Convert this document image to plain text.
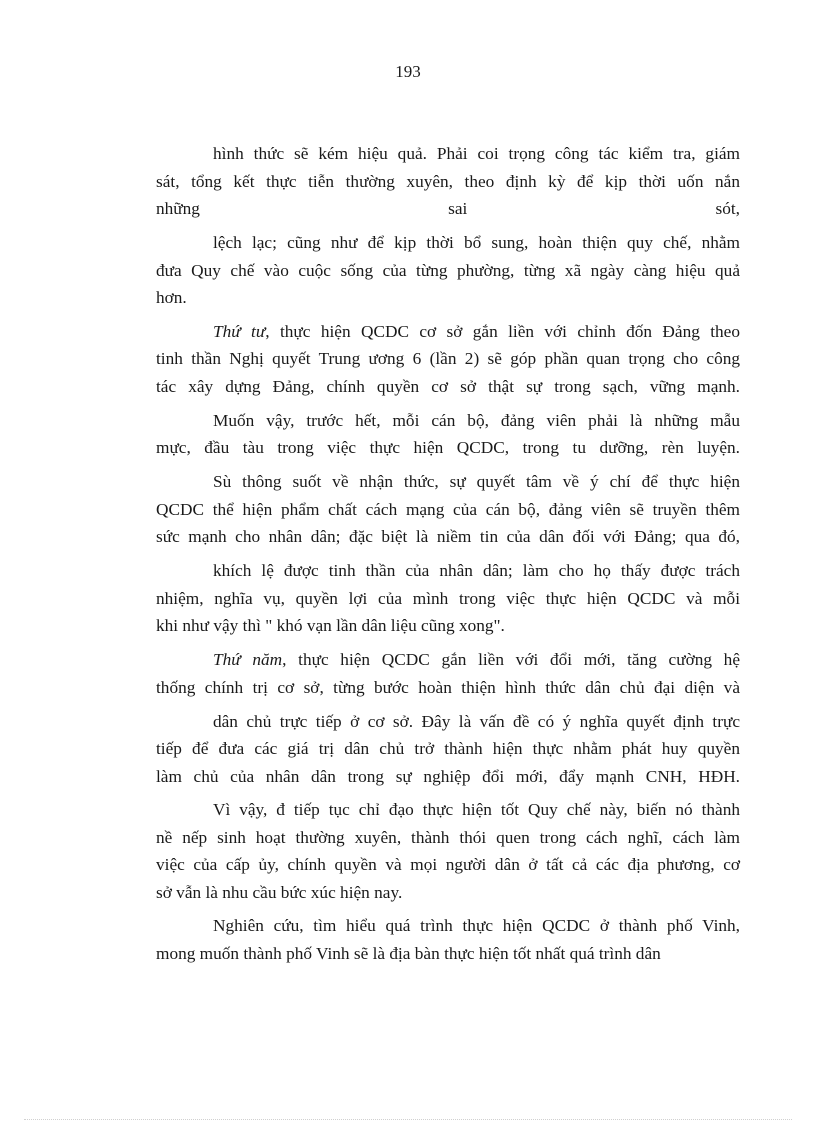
193
hình thức sẽ kém hiệu quả. Phải coi trọng công tác kiểm tra, giám
sát, tổng kết thực tiễn thường xuyên, theo định kỳ để kịp thời uốn nắn
những sai sót,
lệch lạc; cũng như để kịp thời bổ sung, hoàn thiện quy chế, nhằm
đưa Quy chế vào cuộc sống của từng phường, từng xã ngày càng hiệu quả
hơn.
Thứ tư, thực hiện QCDC cơ sở gắn liền với chỉnh đốn Đảng theo
tinh thần Nghị quyết Trung ương 6 (lần 2) sẽ góp phần quan trọng cho công
tác xây dựng Đảng, chính quyền cơ sở thật sự trong sạch, vững mạnh.
Muốn vậy, trước hết, mỗi cán bộ, đảng viên phải là những mẫu
mực, đầu tàu trong việc thực hiện QCDC, trong tu dưỡng, rèn luyện.
Sù thông suốt về nhận thức, sự quyết tâm về ý chí để thực hiện
QCDC thể hiện phẩm chất cách mạng của cán bộ, đảng viên sẽ truyền thêm
sức mạnh cho nhân dân; đặc biệt là niềm tin của dân đối với Đảng; qua đó,
khích lệ được tinh thần của nhân dân; làm cho họ thấy được trách
nhiệm, nghĩa vụ, quyền lợi của mình trong việc thực hiện QCDC và mỗi
khi như vậy thì " khó vạn lần dân liệu cũng xong".
Thứ năm, thực hiện QCDC gắn liền với đổi mới, tăng cường hệ
thống chính trị cơ sở, từng bước hoàn thiện hình thức dân chủ đại diện và
dân chủ trực tiếp ở cơ sở. Đây là vấn đề có ý nghĩa quyết định trực
tiếp để đưa các giá trị dân chủ trở thành hiện thực nhằm phát huy quyền
làm chủ của nhân dân trong sự nghiệp đổi mới, đẩy mạnh CNH, HĐH.
Vì vậy, đ tiếp tục chỉ đạo thực hiện tốt Quy chế này, biến nó thành
nề nếp sinh hoạt thường xuyên, thành thói quen trong cách nghĩ, cách làm
việc của cấp ủy, chính quyền và mọi người dân ở tất cả các địa phương, cơ
sở vẫn là nhu cầu bức xúc hiện nay.
Nghiên cứu, tìm hiểu quá trình thực hiện QCDC ở thành phố Vinh,
mong muốn thành phố Vinh sẽ là địa bàn thực hiện tốt nhất quá trình dân
